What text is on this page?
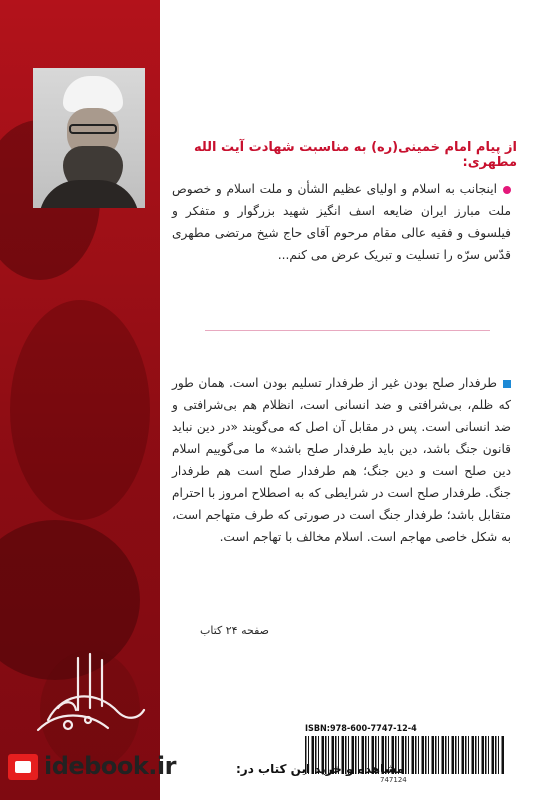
از پیام امام خمینی(ره) به مناسبت شهادت آیت الله مطهری:
اینجانب به اسلام و اولیای عظیم الشأن و ملت اسلام و خصوص ملت مبارز ایران ضایعه اسف انگیز شهید بزرگوار و متفکر و فیلسوف و فقیه عالی مقام مرحوم آقای حاج شیخ مرتضی مطهری قدّس سرّه را تسلیت و تبریک عرض می کنم...
طرفدار صلح بودن غیر از طرفدار تسلیم بودن است. همان طور که ظلم، بی‌شرافتی و ضد انسانی است، انظلام هم بی‌شرافتی و ضد انسانی است. پس در مقابل آن اصل که می‌گویند «در دین نباید قانون جنگ باشد، دین باید طرفدار صلح باشد» ما می‌گوییم اسلام دین صلح است و دین جنگ؛ هم طرفدار صلح است هم طرفدار جنگ. طرفدار صلح است در شرایطی که به اصطلاح امروز با احترام متقابل باشد؛ طرفدار جنگ است در صورتی که طرف متهاجم است، به شکل خاصی مهاجم است. اسلام مخالف با تهاجم است.
صفحه ۲۴ کتاب
ISBN:978-600-7747-12-4
747124
idebook.ir	مشاهده و خرید این کتاب در:
